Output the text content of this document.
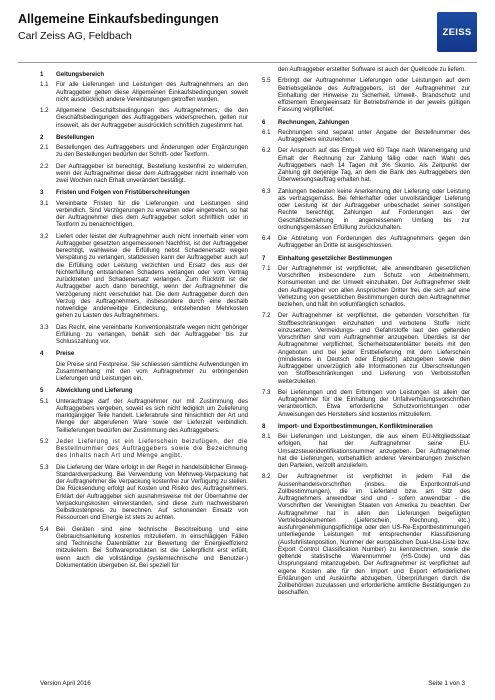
Allgemeine Einkaufsbedingungen
Carl Zeiss AG, Feldbach	ZEISS
1	Geltungsbereich
1.1	Für alle Lieferungen und Leistungen des Auftragnehmers an den Auftraggeber gelten diese Allgemeinen Einkaufsbedingungen soweit nicht ausdrücklich andere Vereinbarungen getroffen wurden.
1.2	Allgemeine Geschäftsbedingungen des Auftragnehmers, die den Geschäftsbedingungen des Auftraggebers widersprechen, gelten nur insoweit, als der Auftraggeber ausdrücklich schriftlich zugestimmt hat.
2	Bestellungen
2.1	Bestellungen des Auftraggebers und Änderungen oder Ergänzungen zu den Bestellungen bedürfen der Schrift- oder Textform.
2.2	Der Auftraggeber ist berechtigt, Bestellung kostenfrei zu widerrufen, wenn der Auftragnehmer diese dem Auftraggeber nicht innerhalb von zwei Wochen nach Erhalt unverändert bestätigt.
3	Fristen und Folgen von Fristüberschreitungen
3.1	Vereinbarte Fristen für die Lieferungen und Leistungen sind verbindlich. Sind Verzögerungen zu erwarten oder eingetreten, so hat der Auftragnehmer dies dem Auftraggeber sofort schriftlich oder in Textform zu benachrichtigen.
3.2	Liefert oder leistet der Auftragnehmer auch nicht innerhalb einer vom Auftraggeber gesetzten angemessenen Nachfrist, ist der Auftraggeber berechtigt, wahlweise die Erfüllung nebst Schadenersatz wegen Verspätung zu verlangen, stattdessen kann der Auftraggeber auch auf die Erfüllung oder Leistung verzichten und Ersatz des aus der Nichterfüllung entstandenen Schadens verlangen oder vom Vertrag zurücktreten und Schadenersatz verlangen. Zum Rücktritt ist der Auftraggeber auch dann berechtigt, wenn der Auftragnehmer die Verzögerung nicht verschuldet hat. Die dem Auftraggeber durch den Verzug des Auftragnehmers, insbesondere durch eine deshalb notwendige anderweitige Eindeckung, entstehenden Mehrkosten gehen zu Lasten des Auftragnehmers.
3.3	Das Recht, eine vereinbarte Konventionalstrafe wegen nicht gehöriger Erfüllung zu verlangen, behält sich der Auftraggeber bis zur Schlusszahlung vor.
4	Preise
Die Preise sind Festpreise. Sie schliessen sämtliche Aufwendungen im Zusammenhang mit den vom Auftragnehmer zu erbringenden Lieferungen und Leistungen ein.
5	Abwicklung und Lieferung
5.1	Unterauftrage darf der Auftragnehmer nur mit Zustimmung des Auftraggebers vergeben, soweit es sich nicht lediglich um Zulieferung marktgängiger Teile handelt. Lieferabrufe sind hinsichtlich der Art und Menge der abgerufenen Ware sowie der Lieferzeit verbindlich. Teillieferungen bedürfen der Zustimmung des Auftraggebers.
5.2	Jeder Lieferung ist ein Lieferschein beizufügen, der die Bestellnummer des Auftraggebers sowie die Bezeichnung des Inhalts nach Art und Menge angibt.
5.3	Die Lieferung der Ware erfolgt in der Regel in handelsüblicher Einweg-Standardverpackung. Bei Verwendung von Mehrweg-Verpackung hat der Auftragnehmer die Verpackung kostenfrei zur Verfügung zu stellen. Die Rücksendung erfolgt auf Kosten und Risiko des Auftragnehmers. Erklärt der Auftraggeber sich ausnahmsweise mit der Übernahme der Verpackungskosten einverstanden, sind diese zum nachweisbaren Selbstkostenpreis zu berechnen. Auf schonenden Einsatz von Ressourcen und Energie ist stets zu achten.
5.4	Bei Geräten sind eine technische Beschreibung und eine Gebrauchsanleitung kostenlos mitzuliefern. In einschlägigen Fällen sind Technische Datenblätter zur Bewertung der Energieeffizienz mitzuliefern. Bei Softwareprodukten ist die Lieferpflicht erst erfüllt, wenn auch die vollständige (systemtechnische und Benutzer-) Dokumentation übergeben ist. Bei speziell für
den Auftraggeber erstellter Software ist auch der Quellcode zu liefern.
5.5	Erbringt der Auftragnehmer Lieferungen oder Leistungen auf dem Betriebsgelände des Auftraggebers, ist der Auftragnehmer zur Einhaltung der Hinweise zu Sicherheit, Umwelt-, Brandschutz und effizientem Energieeinsatz für Betriebsfremde in der jeweils gültigen Fassung verpflichtet.
6	Rechnungen, Zahlungen
6.1	Rechnungen sind separat unter Angabe der Bestellnummer des Auftraggebers einzureichen.
6.2	Der Anspruch auf das Entgelt wird 60 Tage nach Wareneingang und Erhalt der Rechnung zur Zahlung fällig oder nach Wahl des Auftraggebers nach 14 Tagen mit 3% Skonto. Als Zeitpunkt der Zahlung gilt derjenige Tag, an dem die Bank des Auftraggebers den Überweisungsauftrag erhalten hat.
6.3	Zahlungen bedeuten keine Anerkennung der Lieferung oder Leistung als vertragsgemäss. Bei fehlerhafter oder unvollständiger Lieferung oder Leistung ist der Auftraggeber unbeschadet seiner sonstigen Rechte berechtigt, Zahlungen auf Forderungen aus der Geschäftsbeziehung in angemessenem Umfang bis zur ordnungsgemässen Erfüllung zurückzuhalten.
6.4	Die Abtretung von Forderungen des Auftragnehmers gegen den Auftraggeber an Dritte ist ausgeschlossen.
7	Einhaltung gesetzlicher Bestimmungen
7.1	Der Auftragnehmer ist verpflichtet, alle anwendbaren gesetzlichen Vorschriften insbesondere zum Schutz von Arbeitnehmern, Konsumenten und der Umwelt einzuhalten. Der Auftragnehmer stellt den Auftraggeber von allen Ansprüchen Dritter frei, die sich auf eine Verletzung von gesetzlichen Bestimmungen durch den Auftragnehmer beziehen, und hält ihn vollumfänglich schadlos.
7.2	Der Auftragnehmer ist verpflichtet, die geltenden Vorschriften für Stoffbeschränkungen einzuhalten und verbotene Stoffe nicht einzusetzen. Vermeidungs- und Gefahrstoffe laut den geltenden Vorschriften sind vom Auftragnehmer anzugeben. Überdies ist der Auftragnehmer verpflichtet, Sicherheitsdatenblätter bereits mit den Angeboten und bei jeder Erstbelieferung mit dem Lieferschein (mindestens in Deutsch oder Englisch) abzugeben sowie den Auftraggeber unverzüglich alle Informationen zur Überschreitungen von Stoffbeschränkungen und Lieferung von Verbotsstoffen weiterzuleiten.
7.3	Bei Lieferungen und dem Erbringen von Leistungen ist allein der Auftragnehmer für die Einhaltung der Unfallverhütungsvorschriften verantwortlich. Etwa erforderliche Schutzvorrichtungen oder Anweisungen des Herstellers sind kostenlos mitzuliefern.
8	Import- und Exportbestimmungen, Konfliktmineralien
8.1	Bei Lieferungen und Leistungen, die aus einem EU-Mitgliedsstaat erfolgen, hat der Auftragnehmer seine EU-Umsatzsteueridentifikationsnummer anzugeben. Der Auftragnehmer hat die Lieferungen, vorbehaltlich anderer Vereinbarungen zwischen den Parteien, verzollt anzuliefern.
8.2	Der Auftragnehmer ist verpflichtet in jedem Fall die Aussenhandelsvorschriften (insbes. die Exportkontroll-und Zollbestimmungen), die im Lieferland bzw. am Sitz des Auftragnehmers anwendbar sind und - sofern anwendbar - die Vorschriften der Vereinigten Staaten von Amerika zu beachten. Der Auftragnehmer hat in allen den Lieferungen beigefügten Vertriebsdokumenten (Lieferschein, Rechnung, etc.) ausfuhrgenehmigungspflichtige oder den US-Re-Exportbestimmungen unterliegende Leistungen mit entsprechender Klassifizierung (Ausfuhrlistenposition, Nummer der europäischen Dual-Use-Liste bzw. Export Control Classification Number) zu kennzeichnen, sowie die geltende statistische Warennummer (HS-Code) und das Ursprungsland mitanzugeben. Der Auftragnehmer ist verpflichtet auf eigene Kosten alle für den Import und Export erforderlichen Erklärungen und Auskünfte abzugeben, Überprüfungen durch die Zollbehörden zuzulassen und erforderliche amtliche Bestätigungen zu beschaffen.
Version April 2016	Seite 1 von 3
